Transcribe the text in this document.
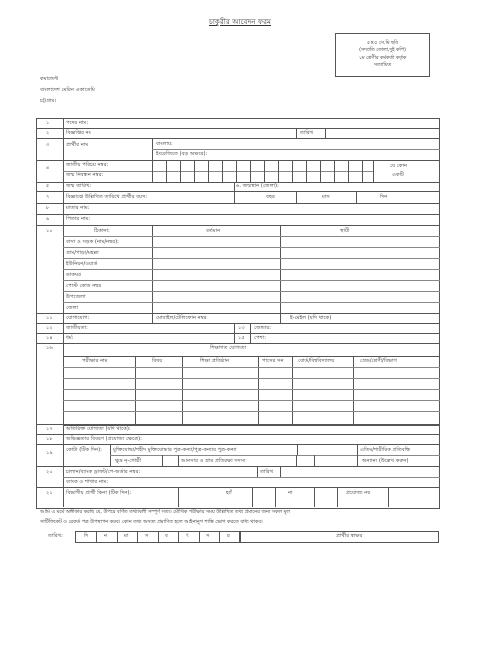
চাকুরীর আবেদন ফরম
৫×৫ সে.মি ছবি
(সম্প্রতি তোলা,দুই কপি)
১ম শ্রেণীর কর্মকর্তা কর্তৃক
সত্যায়িত
কমান্ডেন্ট
বাংলাদেশ মেরিন একাডেমি
চট্টগ্রাম।
১	পদের নাম:
২	বিজ্ঞপ্তির নং	তারিখ
৩	প্রার্থীর নাম	বাংলায়:
ইংরেজিতে (বড় অক্ষরে):
৪	জাতীয় পরিচয় নম্বর:
জন্ম নিবন্ধন নম্বর:
যে কোন
একটি
৫	জন্ম তারিখ:	৬. জন্মস্থান (জেলা):
৭	বিজ্ঞাপ্তে উল্লিখিত তারিখে প্রার্থীর বয়স:	বছর	মাস	দিন
৮	মাতার নাম:
৯	পিতার নাম:
১০	ঠিকানা:	বর্তমান	স্থায়ী
বাসা ও সড়ক (নাম/নম্বর):
গ্রাম/পাড়া/মহল্লা
ইউনিয়ন/ওয়ার্ড
ডাকঘর
পোস্ট কোড নম্বর
উপজেলা
জেলা
১১	যোগাযোগ:	মোবাইল/টেলিফোন নম্বর	ই-মেইল (যদি থাকে)
১২	জাতীয়তা:	১৩ জেন্ডার:
১৪	ধর্ম:	১৫ পেশা:
১৬	শিক্ষাগত যোগ্যতা
পরীক্ষার নাম	বিষয়	শিক্ষা প্রতিষ্ঠান	পাসের সন	বোর্ড/বিশ্ববিদ্যালয়	গ্রেড/শ্রেণী/বিভাগ
১৭	অতিরিক্ত যোগ্যতা (যদি থাকে):
১৮	অভিজ্ঞতার বিবরণ (প্রযোজ্য ক্ষেত্রে):
১৯	কোটা (টিক দিন): মুক্তিযোদ্ধা/শহীদ মুক্তিযোদ্ধার পুত্র-কন্যা/পুত্র-কন্যার পুত্র-কন্যা	এতিম/শারীরিক প্রতিবন্ধি
ক্ষুদ্র নৃ-গোষ্ঠী	আনসার ও গ্রাম প্রতিরক্ষা সদস্য	অন্যান্য (উল্লেখ করুন)
২০	চালান/ব্যাংক ড্রাফট/পে-অর্ডার নম্বর:	তারিখ
ব্যাংক ও শাখার নাম:
২১	বিভাগীয় প্রার্থী কিনা (টিক দিন):	হ্যাঁ	না	প্রযোজ্য নয়
আমি এ মর্মে অঙ্গীকার করছি যে, উপরে বর্ণিত তথ্যাবলী সম্পূর্ণ সত্য। মৌখিক পরীক্ষার সময় উল্লিখিত তথ্য প্রমানের জন্য সকল মূল
সার্টিফিকেট ও রেকর্ড পত্র উপস্থাপন করব। কোন তথ্য অসত্য প্রমাণিত হলে আইনানুগ শাস্তি ভোগ করতে বাধ্য থাকব।
তারিখ:	দি	ন	মা	স	ব	ৎ	স	র	প্রার্থীর স্বাক্ষর
